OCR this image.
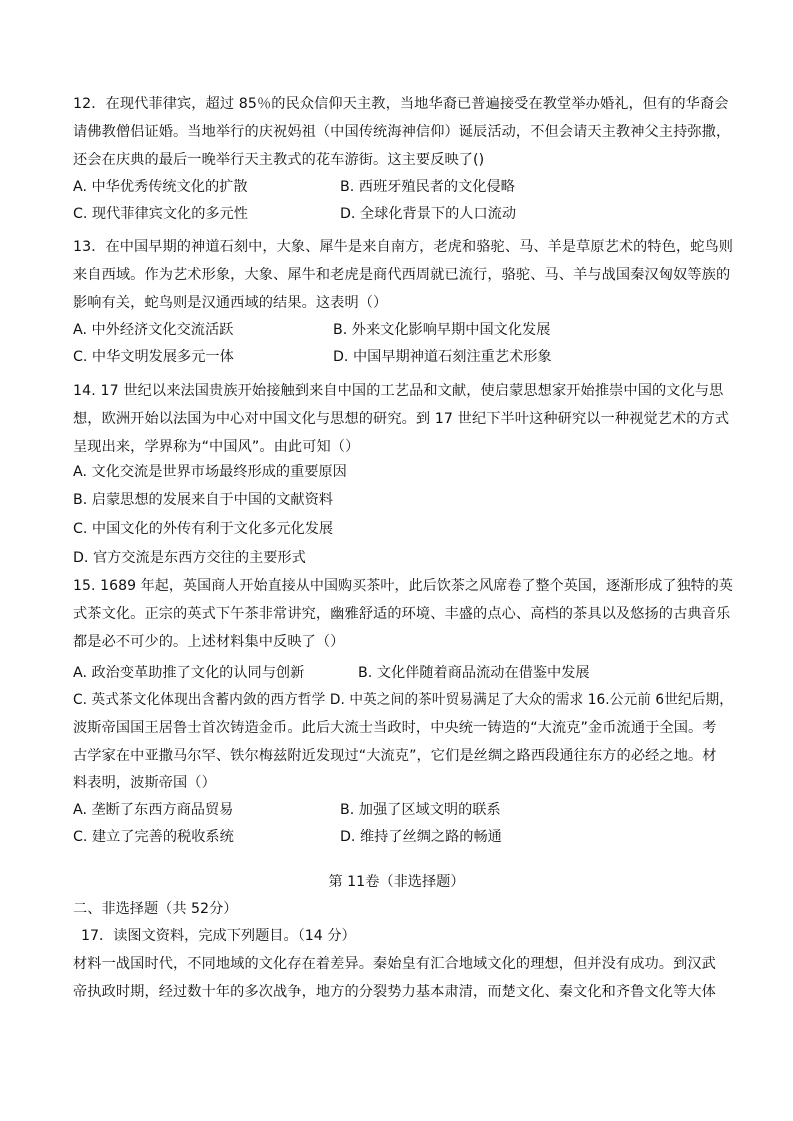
12．在现代菲律宾，超过 85％的民众信仰天主教，当地华裔已普遍接受在教堂举办婚礼，但有的华裔会
请佛教僧侣证婚。当地举行的庆祝妈祖（中国传统海神信仰）诞辰活动，不但会请天主教神父主持弥撒，
还会在庆典的最后一晚举行天主教式的花车游街。这主要反映了()
A. 中华优秀传统文化的扩散	B. 西班牙殖民者的文化侵略
C. 现代菲律宾文化的多元性	D. 全球化背景下的人口流动
13．在中国早期的神道石刻中，大象、犀牛是来自南方，老虎和骆驼、马、羊是草原艺术的特色，蛇鸟则
来自西域。作为艺术形象，大象、犀牛和老虎是商代西周就已流行，骆驼、马、羊与战国秦汉匈奴等族的
影响有关，蛇鸟则是汉通西域的结果。这表明（）
A. 中外经济文化交流活跃	B. 外来文化影响早期中国文化发展
C. 中华文明发展多元一体	D. 中国早期神道石刻注重艺术形象
14. 17 世纪以来法国贵族开始接触到来自中国的工艺品和文献，使启蒙思想家开始推崇中国的文化与思
想，欧洲开始以法国为中心对中国文化与思想的研究。到 17 世纪下半叶这种研究以一种视觉艺术的方式
呈现出来，学界称为“中国风”。由此可知（）
A. 文化交流是世界市场最终形成的重要原因
B. 启蒙思想的发展来自于中国的文献资料
C. 中国文化的外传有利于文化多元化发展
D. 官方交流是东西方交往的主要形式
15. 1689 年起，英国商人开始直接从中国购买茶叶，此后饮茶之风席卷了整个英国，逐渐形成了独特的英
式茶文化。正宗的英式下午茶非常讲究，幽雅舒适的环境、丰盛的点心、高档的茶具以及悠扬的古典音乐
都是必不可少的。上述材料集中反映了（）
A. 政治变革助推了文化的认同与创新	B. 文化伴随着商品流动在借鉴中发展
C. 英式茶文化体现出含蓄内敛的西方哲学 D. 中英之间的茶叶贸易满足了大众的需求 16.公元前 6世纪后期，
波斯帝国国王居鲁士首次铸造金币。此后大流士当政时，中央统一铸造的“大流克”金币流通于全国。考
古学家在中亚撒马尔罕、铁尔梅兹附近发现过“大流克”，它们是丝绸之路西段通往东方的必经之地。材
料表明，波斯帝国（）
A. 垄断了东西方商品贸易	B. 加强了区域文明的联系
C. 建立了完善的税收系统	D. 维持了丝绸之路的畅通
第 11卷（非选择题）
二、非选择题（共 52分）
17．读图文资料，完成下列题目。（14 分）
材料一战国时代，不同地域的文化存在着差异。秦始皇有汇合地域文化的理想，但并没有成功。到汉武
帝执政时期，经过数十年的多次战争，地方的分裂势力基本肃清，而楚文化、秦文化和齐鲁文化等大体
